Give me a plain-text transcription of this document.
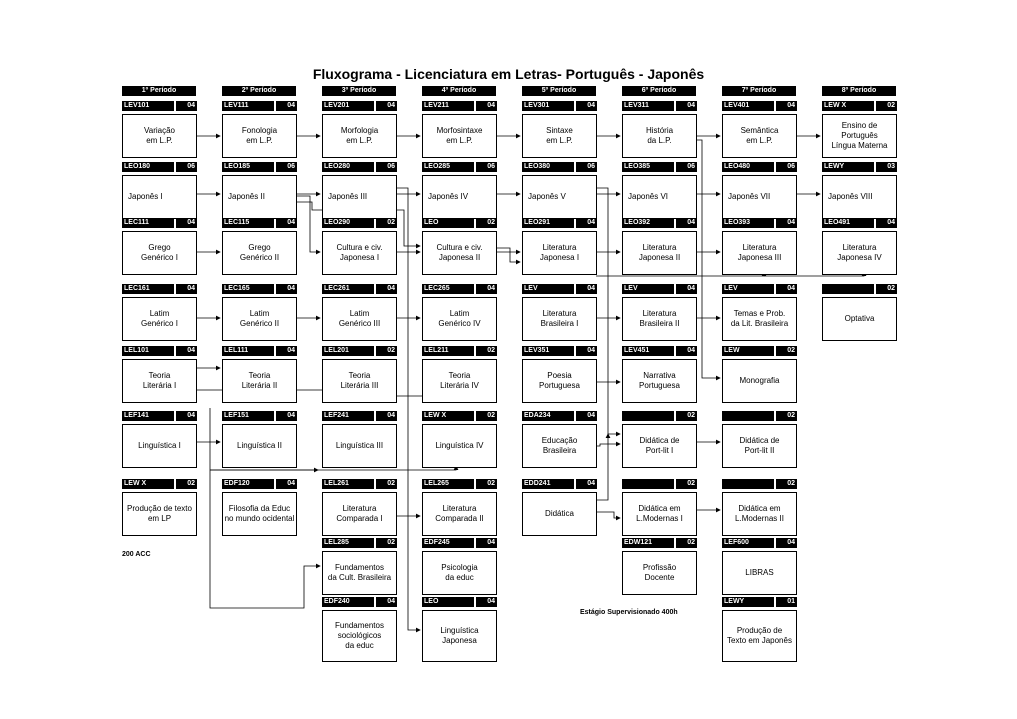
Fluxograma - Licenciatura em Letras- Português - Japonês
1º Período	2º Período	3º Período	4º Período	5º Período	6º Período	7º Período	8º Período
LEV101	04
Variação
em L.P.
LEV111	04
Fonologia
em L.P.
LEV201	04
Morfologia
em L.P.
LEV211	04
Morfosintaxe
em L.P.
LEV301	04
Sintaxe
em L.P.
LEV311	04
História
da L.P.
LEV401	04
Semântica
em L.P.
LEW X	02
Ensino de Português
Língua Materna
LEO180	06
Japonês I
LEO185	06
Japonês II
LEO280	06
Japonês III
LEO285	06
Japonês IV
LEO380	06
Japonês V
LEO385	06
Japonês VI
LEO480	06
Japonês VII
LEWY	03
Japonês VIII
LEC111	04
Grego
Genérico I
LEC115	04
Grego
Genérico II
LEO290	02
Cultura e civ.
Japonesa I
LEO	02
Cultura e civ.
Japonesa II
LEO291	04
Literatura
Japonesa I
LEO392	04
Literatura
Japonesa II
LEO393	04
Literatura
Japonesa III
LEO491	04
Literatura
Japonesa IV
LEC161	04
Latim
Genérico I
LEC165	04
Latim
Genérico II
LEC261	04
Latim
Genérico III
LEC265	04
Latim
Genérico IV
LEV	04
Literatura
Brasileira I
LEV	04
Literatura
Brasileira II
LEV	04
Temas e Prob.
da Lit. Brasileira
02
Optativa
LEL101	04
Teoria
Literária I
LEL111	04
Teoria
Literária II
LEL201	02
Teoria
Literária III
LEL211	02
Teoria
Literária IV
LEV351	04
Poesia
Portuguesa
LEV451	04
Narrativa
Portuguesa
LEW	02
Monografia
LEF141	04
Linguística I
LEF151	04
Linguística II
LEF241	04
Linguística III
LEW X	02
Linguística IV
EDA234	04
Educação
Brasileira
02
Didática de
Port-lit I
02
Didática de
Port-lit II
LEW X	02
Produção de texto
em LP
EDF120	04
Filosofia da Educ
no mundo ocidental
LEL261	02
Literatura
Comparada I
LEL265	02
Literatura
Comparada II
EDD241	04
Didática
02
Didática em
L.Modernas I
02
Didática em
L.Modernas II
LEL285	02
Fundamentos
da Cult. Brasileira
EDF245	04
Psicologia
da educ
EDW121	02
Profissão
Docente
LEF600	04
LIBRAS
EDF240	04
Fundamentos
sociológicos
da educ
LEO	04
Linguística
Japonesa
LEWY	01
Produção de
Texto em Japonês
200 ACC
Estágio Supervisionado 400h
